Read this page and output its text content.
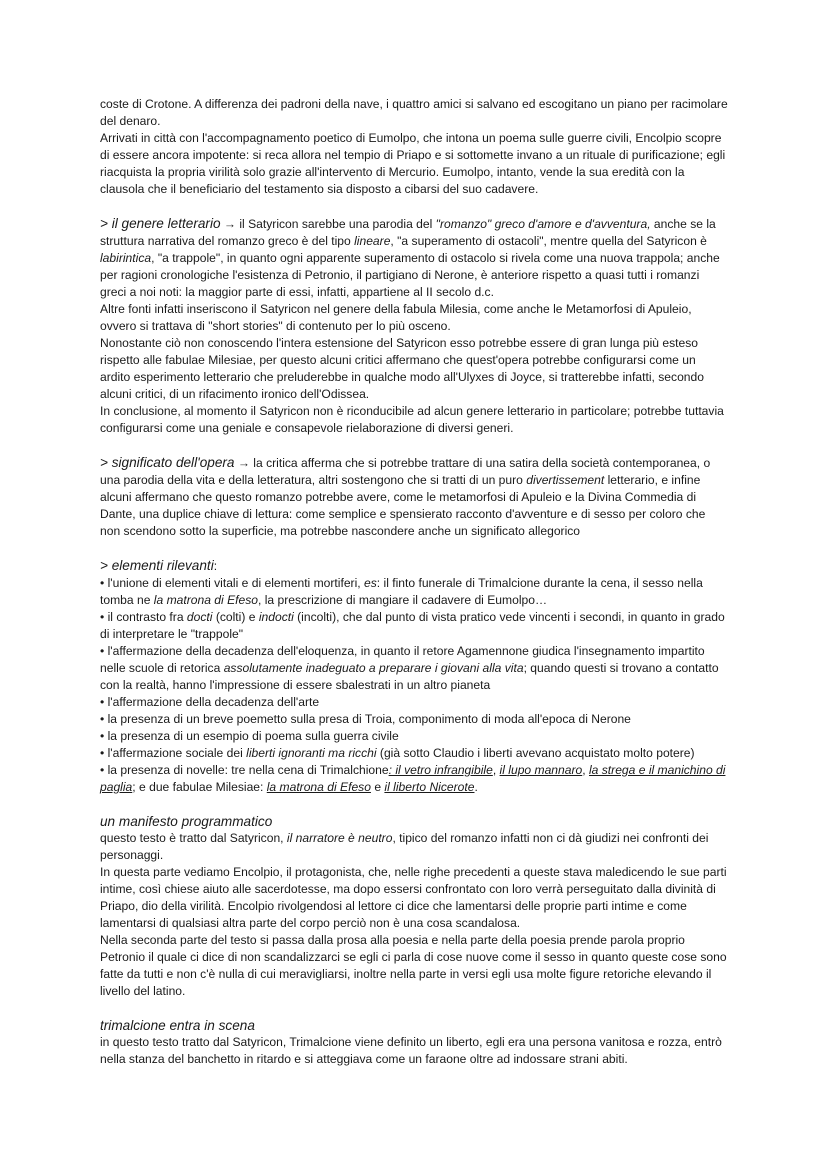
coste di Crotone. A differenza dei padroni della nave, i quattro amici si salvano ed escogitano un piano per racimolare del denaro.

Arrivati in città con l'accompagnamento poetico di Eumolpo, che intona un poema sulle guerre civili, Encolpio scopre di essere ancora impotente: si reca allora nel tempio di Priapo e si sottomette invano a un rituale di purificazione; egli riacquista la propria virilità solo grazie all'intervento di Mercurio. Eumolpo, intanto, vende la sua eredità con la clausola che il beneficiario del testamento sia disposto a cibarsi del suo cadavere.

> il genere letterario → il Satyricon sarebbe una parodia del "romanzo" greco d'amore e d'avventura, anche se la struttura narrativa del romanzo greco è del tipo lineare, "a superamento di ostacoli", mentre quella del Satyricon è labirintica, "a trappole", in quanto ogni apparente superamento di ostacolo si rivela come una nuova trappola; anche per ragioni cronologiche l'esistenza di Petronio, il partigiano di Nerone, è anteriore rispetto a quasi tutti i romanzi greci a noi noti: la maggior parte di essi, infatti, appartiene al II secolo d.c.

Altre fonti infatti inseriscono il Satyricon nel genere della fabula Milesia, come anche le Metamorfosi di Apuleio, ovvero si trattava di "short stories" di contenuto per lo più osceno.

Nonostante ciò non conoscendo l'intera estensione del Satyricon esso potrebbe essere di gran lunga più esteso rispetto alle fabulae Milesiae, per questo alcuni critici affermano che quest'opera potrebbe configurarsi come un ardito esperimento letterario che preluderebbe in qualche modo all'Ulyxes di Joyce, si tratterebbe infatti, secondo alcuni critici, di un rifacimento ironico dell'Odissea.

In conclusione, al momento il Satyricon non è riconducibile ad alcun genere letterario in particolare; potrebbe tuttavia configurarsi come una geniale e consapevole rielaborazione di diversi generi.

> significato dell'opera → la critica afferma che si potrebbe trattare di una satira della società contemporanea, o una parodia della vita e della letteratura, altri sostengono che si tratti di un puro divertissement letterario, e infine alcuni affermano che questo romanzo potrebbe avere, come le metamorfosi di Apuleio e la Divina Commedia di Dante, una duplice chiave di lettura: come semplice e spensierato racconto d'avventure e di sesso per coloro che non scendono sotto la superficie, ma potrebbe nascondere anche un significato allegorico

> elementi rilevanti:

• l'unione di elementi vitali e di elementi mortiferi, es: il finto funerale di Trimalcione durante la cena, il sesso nella tomba ne la matrona di Efeso, la prescrizione di mangiare il cadavere di Eumolpo…

• il contrasto fra docti (colti) e indocti (incolti), che dal punto di vista pratico vede vincenti i secondi, in quanto in grado di interpretare le "trappole"

• l'affermazione della decadenza dell'eloquenza, in quanto il retore Agamennone giudica l'insegnamento impartito nelle scuole di retorica assolutamente inadeguato a preparare i giovani alla vita; quando questi si trovano a contatto con la realtà, hanno l'impressione di essere sbalestrati in un altro pianeta

• l'affermazione della decadenza dell'arte

• la presenza di un breve poemetto sulla presa di Troia, componimento di moda all'epoca di Nerone

• la presenza di un esempio di poema sulla guerra civile

• l'affermazione sociale dei liberti ignoranti ma ricchi (già sotto Claudio i liberti avevano acquistato molto potere)

• la presenza di novelle: tre nella cena di Trimalchione: il vetro infrangibile, il lupo mannaro, la strega e il manichino di paglia; e due fabulae Milesiae: la matrona di Efeso e il liberto Nicerote.

un manifesto programmatico

questo testo è tratto dal Satyricon, il narratore è neutro, tipico del romanzo infatti non ci dà giudizi nei confronti dei personaggi.

In questa parte vediamo Encolpio, il protagonista, che, nelle righe precedenti a queste stava maledicendo le sue parti intime, così chiese aiuto alle sacerdotesse, ma dopo essersi confrontato con loro verrà perseguitato dalla divinità di Priapo, dio della virilità. Encolpio rivolgendosi al lettore ci dice che lamentarsi delle proprie parti intime e come lamentarsi di qualsiasi altra parte del corpo perciò non è una cosa scandalosa.

Nella seconda parte del testo si passa dalla prosa alla poesia e nella parte della poesia prende parola proprio Petronio il quale ci dice di non scandalizzarci se egli ci parla di cose nuove come il sesso in quanto queste cose sono fatte da tutti e non c'è nulla di cui meravigliarsi, inoltre nella parte in versi egli usa molte figure retoriche elevando il livello del latino.

trimalcione entra in scena

in questo testo tratto dal Satyricon, Trimalcione viene definito un liberto, egli era una persona vanitosa e rozza, entrò nella stanza del banchetto in ritardo e si atteggiava come un faraone oltre ad indossare strani abiti.
